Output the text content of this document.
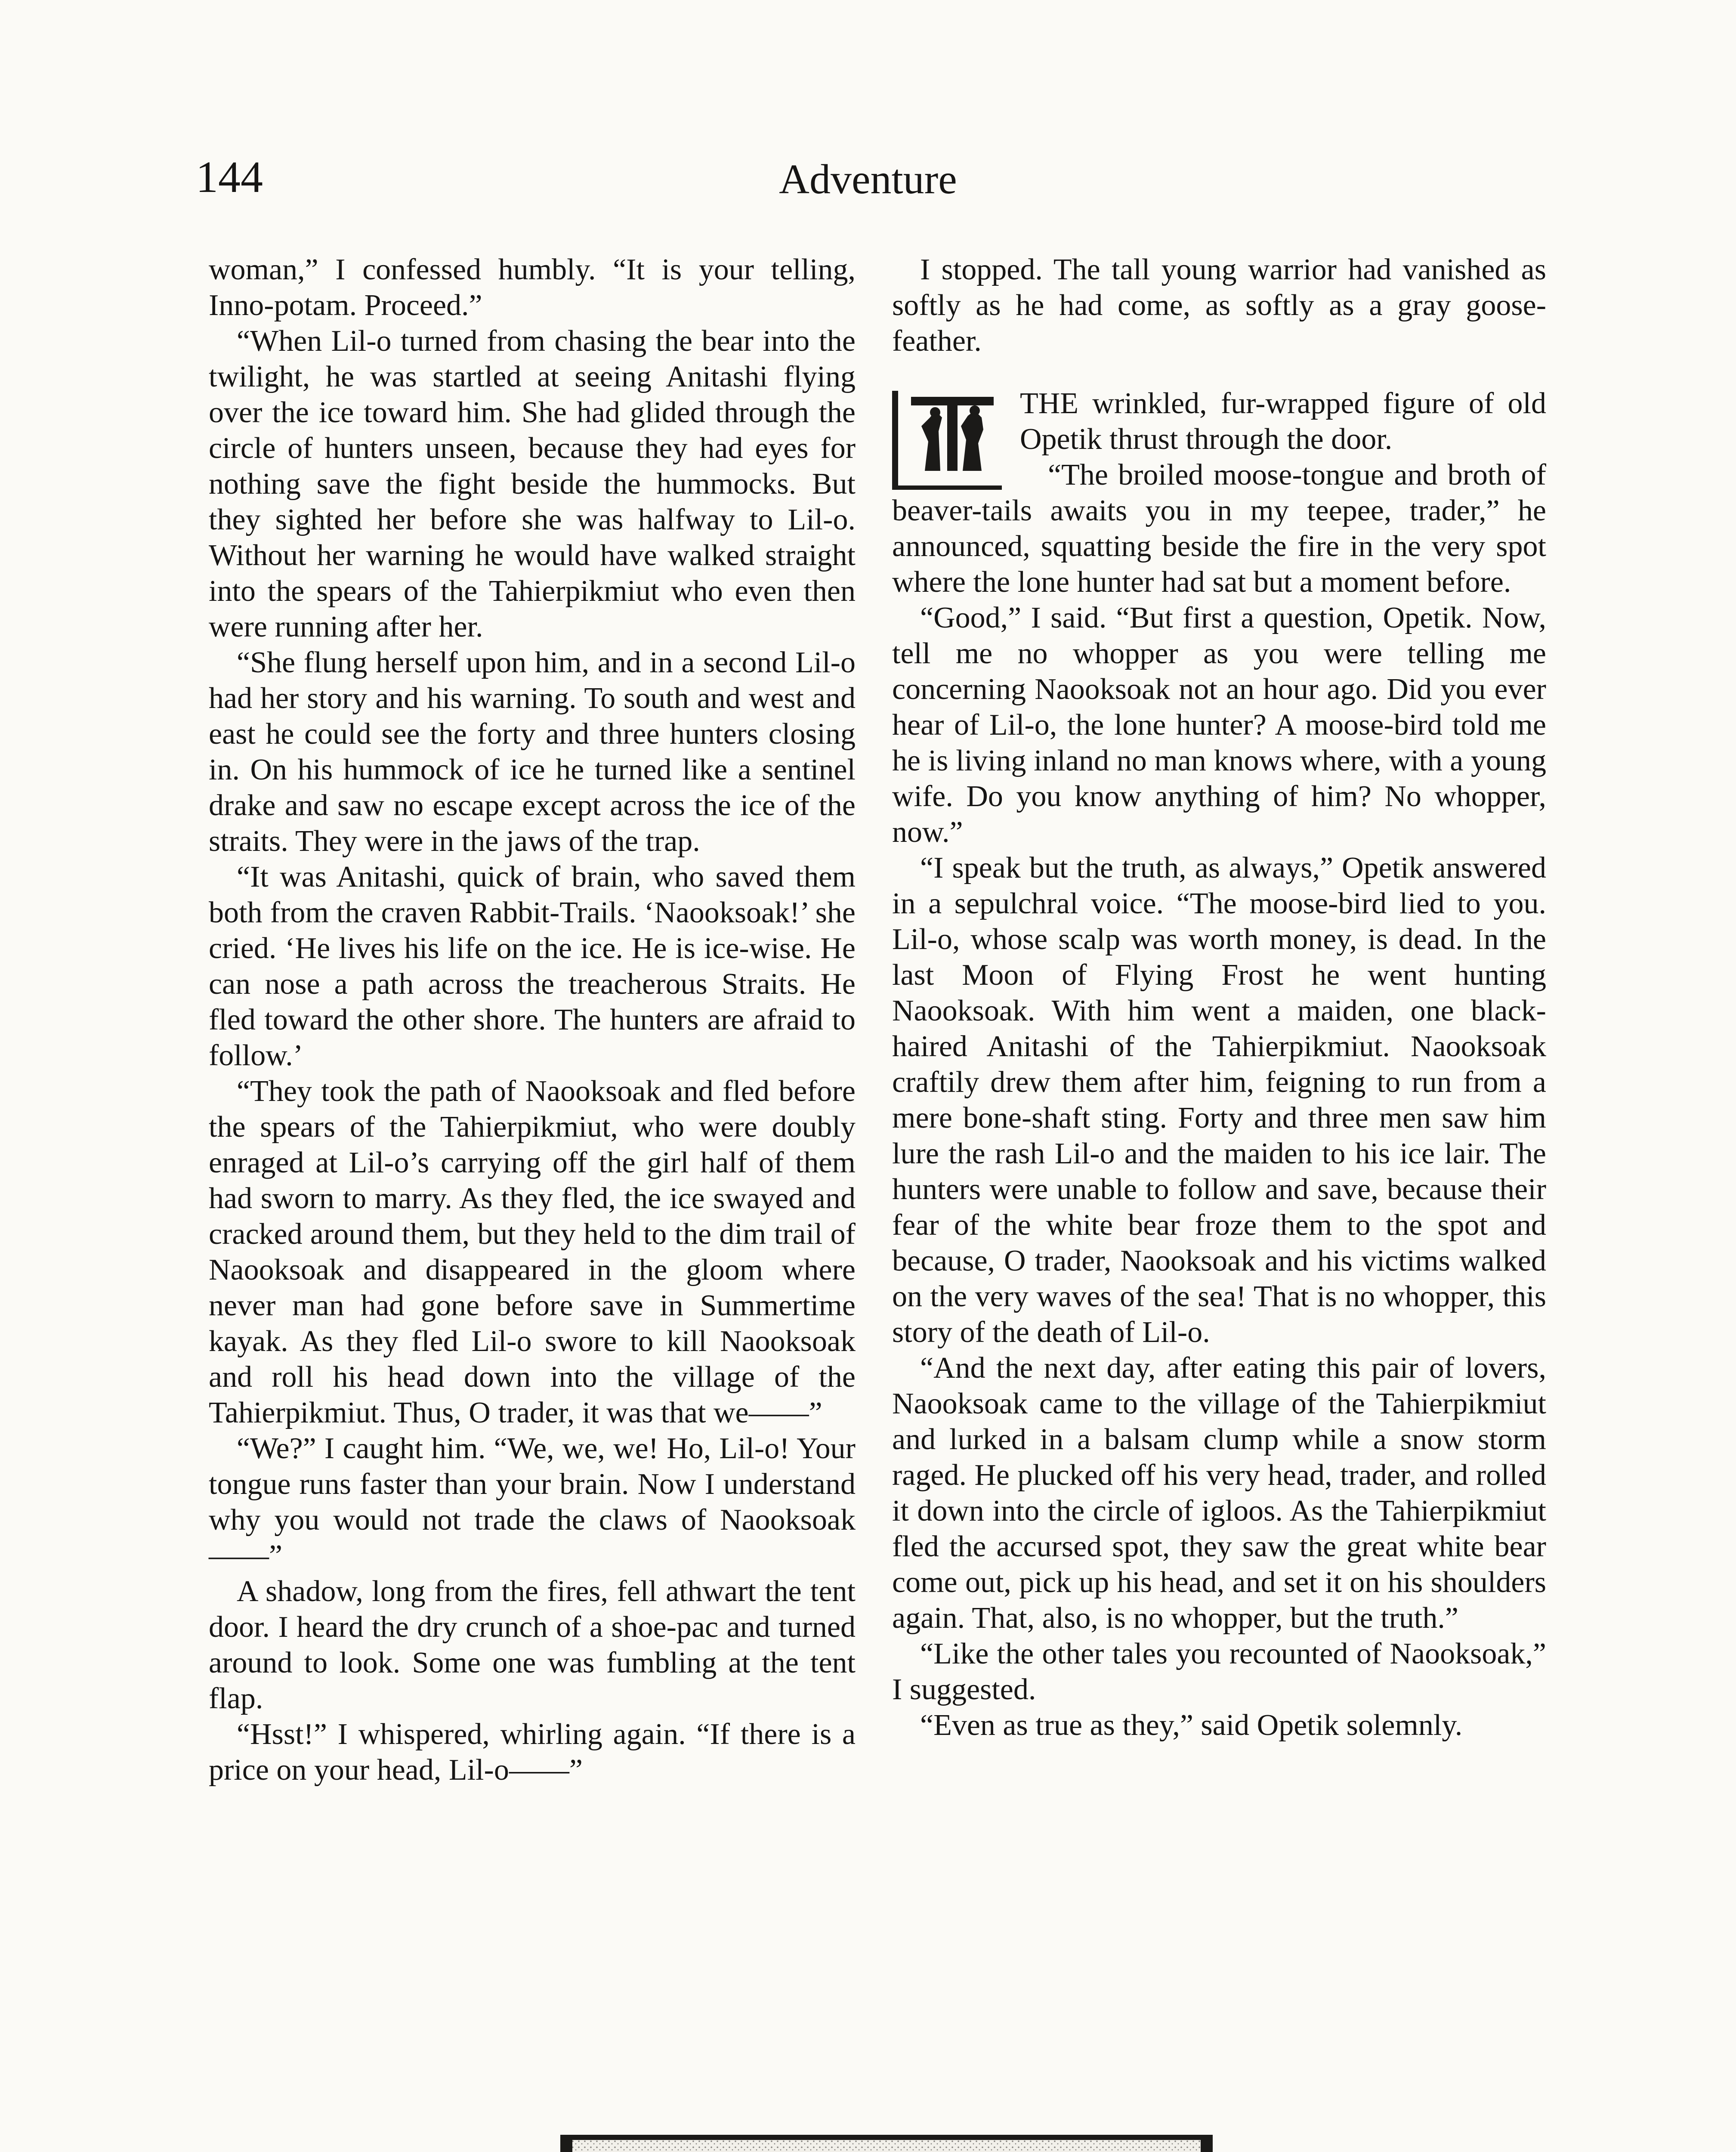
144	Adventure

woman,” I confessed humbly. “It is your telling, Inno-potam. Proceed.”

“When Lil-o turned from chasing the bear into the twilight, he was startled at seeing Anitashi flying over the ice toward him. She had glided through the circle of hunters unseen, because they had eyes for nothing save the fight beside the hummocks. But they sighted her before she was halfway to Lil-o. Without her warning he would have walked straight into the spears of the Tahierpikmiut who even then were running after her.

“She flung herself upon him, and in a second Lil-o had her story and his warning. To south and west and east he could see the forty and three hunters closing in. On his hummock of ice he turned like a sentinel drake and saw no escape except across the ice of the straits. They were in the jaws of the trap.

“It was Anitashi, quick of brain, who saved them both from the craven Rabbit-Trails. ‘Naooksoak!’ she cried. ‘He lives his life on the ice. He is ice-wise. He can nose a path across the treacherous Straits. He fled toward the other shore. The hunters are afraid to follow.’

“They took the path of Naooksoak and fled before the spears of the Tahierpikmiut, who were doubly enraged at Lil-o’s carrying off the girl half of them had sworn to marry. As they fled, the ice swayed and cracked around them, but they held to the dim trail of Naooksoak and disappeared in the gloom where never man had gone before save in Summertime kayak. As they fled Lil-o swore to kill Naooksoak and roll his head down into the village of the Tahierpikmiut. Thus, O trader, it was that we——”

“We?” I caught him. “We, we, we! Ho, Lil-o! Your tongue runs faster than your brain. Now I understand why you would not trade the claws of Naooksoak——”

A shadow, long from the fires, fell athwart the tent door. I heard the dry crunch of a shoe-pac and turned around to look. Some one was fumbling at the tent flap.

“Hsst!” I whispered, whirling again. “If there is a price on your head, Lil-o——”

I stopped. The tall young warrior had vanished as softly as he had come, as softly as a gray goose-feather.

THE wrinkled, fur-wrapped figure of old Opetik thrust through the door.

“The broiled moose-tongue and broth of beaver-tails awaits you in my teepee, trader,” he announced, squatting beside the fire in the very spot where the lone hunter had sat but a moment before.

“Good,” I said. “But first a question, Opetik. Now, tell me no whopper as you were telling me concerning Naooksoak not an hour ago. Did you ever hear of Lil-o, the lone hunter? A moose-bird told me he is living inland no man knows where, with a young wife. Do you know anything of him? No whopper, now.”

“I speak but the truth, as always,” Opetik answered in a sepulchral voice. “The moose-bird lied to you. Lil-o, whose scalp was worth money, is dead. In the last Moon of Flying Frost he went hunting Naooksoak. With him went a maiden, one black-haired Anitashi of the Tahierpikmiut. Naooksoak craftily drew them after him, feigning to run from a mere bone-shaft sting. Forty and three men saw him lure the rash Lil-o and the maiden to his ice lair. The hunters were unable to follow and save, because their fear of the white bear froze them to the spot and because, O trader, Naooksoak and his victims walked on the very waves of the sea! That is no whopper, this story of the death of Lil-o.

“And the next day, after eating this pair of lovers, Naooksoak came to the village of the Tahierpikmiut and lurked in a balsam clump while a snow storm raged. He plucked off his very head, trader, and rolled it down into the circle of igloos. As the Tahierpikmiut fled the accursed spot, they saw the great white bear come out, pick up his head, and set it on his shoulders again. That, also, is no whopper, but the truth.”

“Like the other tales you recounted of Naooksoak,” I suggested.

“Even as true as they,” said Opetik solemnly.
